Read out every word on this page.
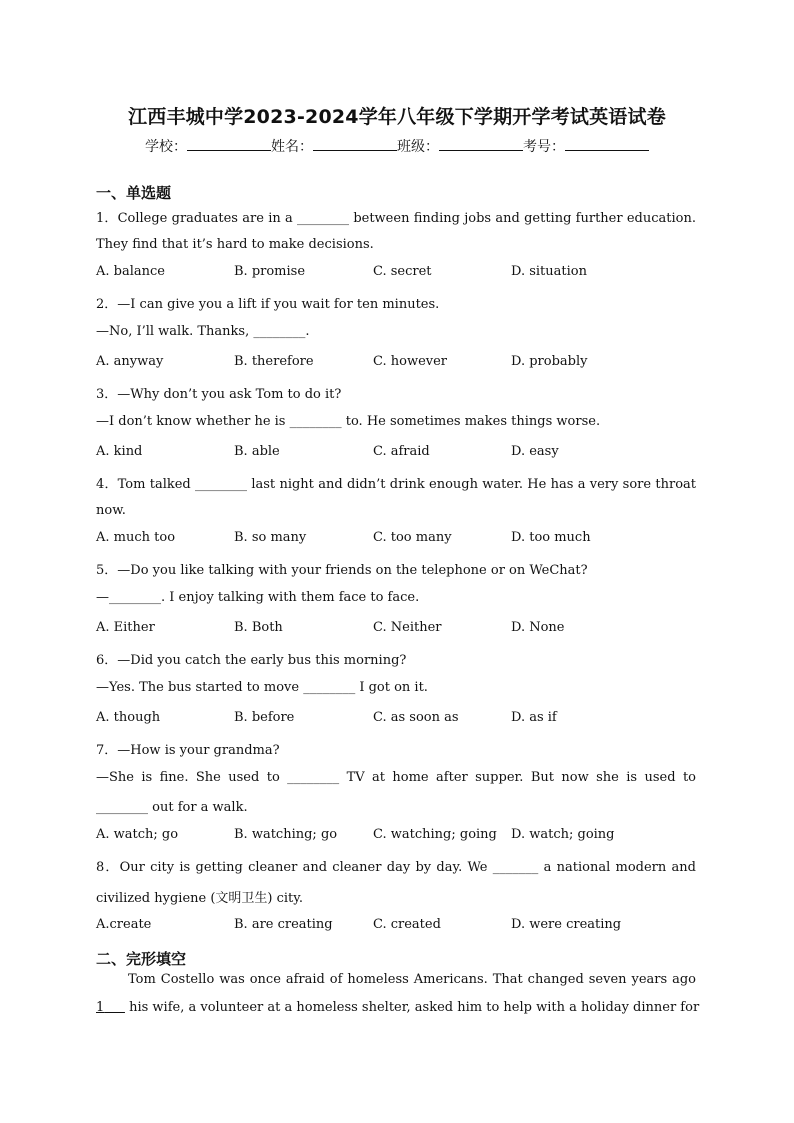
江西丰城中学2023-2024学年八年级下学期开学考试英语试卷
学校：	姓名：	班级：	考号：
一、单选题
1．College graduates are in a ________ between finding jobs and getting further education.
They find that it’s hard to make decisions.
A. balance	B. promise	C. secret	D. situation
2．—I can give you a lift if you wait for ten minutes.
—No, I’ll walk. Thanks, ________.
A. anyway	B. therefore	C. however	D. probably
3．—Why don’t you ask Tom to do it?
—I don’t know whether he is ________ to. He sometimes makes things worse.
A. kind	B. able	C. afraid	D. easy
4．Tom talked ________ last night and didn’t drink enough water. He has a very sore throat
now.
A. much too	B. so many	C. too many	D. too much
5．—Do you like talking with your friends on the telephone or on WeChat?
—________. I enjoy talking with them face to face.
A. Either	B. Both	C. Neither	D. None
6．—Did you catch the early bus this morning?
—Yes. The bus started to move ________ I got on it.
A. though	B. before	C. as soon as	D. as if
7．—How is your grandma?
—She is fine. She used to ________ TV at home after supper. But now she is used to
________ out for a walk.
A. watch; go	B. watching; go	C. watching; going D. watch; going
8．Our city is getting cleaner and cleaner day by day. We _______ a national modern and
civilized hygiene (文明卫生) city.
A.create	B. are creating	C. created	D. were creating
二、完形填空
Tom Costello was once afraid of homeless Americans. That changed seven years ago
1      his wife, a volunteer at a homeless shelter, asked him to help with a holiday dinner for
